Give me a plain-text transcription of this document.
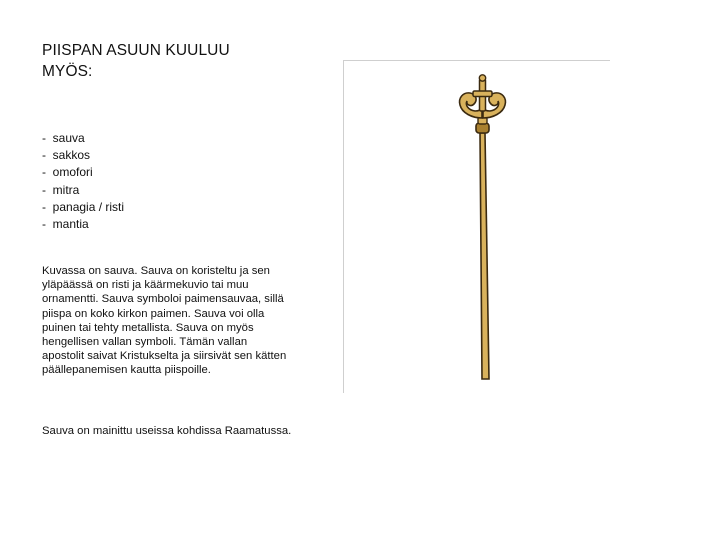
PIISPAN ASUUN KUULUU
MYÖS:
-  sauva
-  sakkos
-  omofori
-  mitra
-  panagia / risti
-  mantia

Kuvassa on sauva. Sauva on koristeltu ja sen yläpäässä on risti ja käärmekuvio tai muu ornamentti. Sauva symboloi paimensauvaa, sillä piispa on koko kirkon paimen. Sauva voi olla puinen tai tehty metallista. Sauva on myös hengellisen vallan symboli. Tämän vallan apostolit saivat Kristukselta ja siirsivät sen kätten päällepanemisen kautta piispoille.

Sauva on mainittu useissa kohdissa Raamatussa.
